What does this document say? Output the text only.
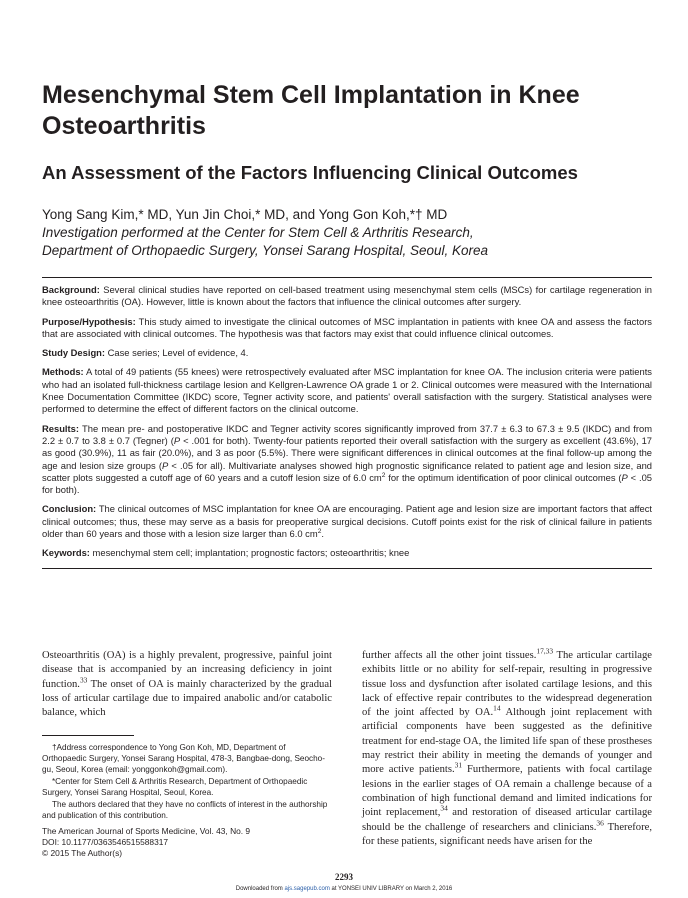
Mesenchymal Stem Cell Implantation in Knee Osteoarthritis
An Assessment of the Factors Influencing Clinical Outcomes
Yong Sang Kim,* MD, Yun Jin Choi,* MD, and Yong Gon Koh,*† MD
Investigation performed at the Center for Stem Cell & Arthritis Research,
Department of Orthopaedic Surgery, Yonsei Sarang Hospital, Seoul, Korea

Background: Several clinical studies have reported on cell-based treatment using mesenchymal stem cells (MSCs) for cartilage regeneration in knee osteoarthritis (OA). However, little is known about the factors that influence the clinical outcomes after surgery.

Purpose/Hypothesis: This study aimed to investigate the clinical outcomes of MSC implantation in patients with knee OA and assess the factors that are associated with clinical outcomes. The hypothesis was that factors may exist that could influence clinical outcomes.

Study Design: Case series; Level of evidence, 4.

Methods: A total of 49 patients (55 knees) were retrospectively evaluated after MSC implantation for knee OA. The inclusion criteria were patients who had an isolated full-thickness cartilage lesion and Kellgren-Lawrence OA grade 1 or 2. Clinical outcomes were measured with the International Knee Documentation Committee (IKDC) score, Tegner activity score, and patients' overall satisfaction with the surgery. Statistical analyses were performed to determine the effect of different factors on the clinical outcome.

Results: The mean pre- and postoperative IKDC and Tegner activity scores significantly improved from 37.7 ± 6.3 to 67.3 ± 9.5 (IKDC) and from 2.2 ± 0.7 to 3.8 ± 0.7 (Tegner) (P < .001 for both). Twenty-four patients reported their overall satisfaction with the surgery as excellent (43.6%), 17 as good (30.9%), 11 as fair (20.0%), and 3 as poor (5.5%). There were significant differences in clinical outcomes at the final follow-up among the age and lesion size groups (P < .05 for all). Multivariate analyses showed high prognostic significance related to patient age and lesion size, and scatter plots suggested a cutoff age of 60 years and a cutoff lesion size of 6.0 $cm^2$ for the optimum identification of poor clinical outcomes (P < .05 for both).

Conclusion: The clinical outcomes of MSC implantation for knee OA are encouraging. Patient age and lesion size are important factors that affect clinical outcomes; thus, these may serve as a basis for preoperative surgical decisions. Cutoff points exist for the risk of clinical failure in patients older than 60 years and those with a lesion size larger than 6.0 $cm^2$.

Keywords: mesenchymal stem cell; implantation; prognostic factors; osteoarthritis; knee

Osteoarthritis (OA) is a highly prevalent, progressive, painful joint disease that is accompanied by an increasing deficiency in joint function.$^{33}$ The onset of OA is mainly characterized by the gradual loss of articular cartilage due to impaired anabolic and/or catabolic balance, which

further affects all the other joint tissues.$^{17,33}$ The articular cartilage exhibits little or no ability for self-repair, resulting in progressive tissue loss and dysfunction after isolated cartilage lesions, and this lack of effective repair contributes to the widespread degeneration of the joint affected by OA.$^{14}$ Although joint replacement with artificial components have been suggested as the definitive treatment for end-stage OA, the limited life span of these prostheses may restrict their ability in meeting the demands of younger and more active patients.$^{31}$ Furthermore, patients with focal cartilage lesions in the earlier stages of OA remain a challenge because of a combination of high functional demand and limited indications for joint replacement,$^{34}$ and restoration of diseased articular cartilage should be the challenge of researchers and clinicians.$^{36}$ Therefore, for these patients, significant needs have arisen for the

†Address correspondence to Yong Gon Koh, MD, Department of Orthopaedic Surgery, Yonsei Sarang Hospital, 478-3, Bangbae-dong, Seocho-gu, Seoul, Korea (email: yonggonkoh@gmail.com).

*Center for Stem Cell & Arthritis Research, Department of Orthopaedic Surgery, Yonsei Sarang Hospital, Seoul, Korea.

The authors declared that they have no conflicts of interest in the authorship and publication of this contribution.

The American Journal of Sports Medicine, Vol. 43, No. 9
DOI: 10.1177/0363546515588317
© 2015 The Author(s)
2293
Downloaded from ajs.sagepub.com at YONSEI UNIV LIBRARY on March 2, 2016
